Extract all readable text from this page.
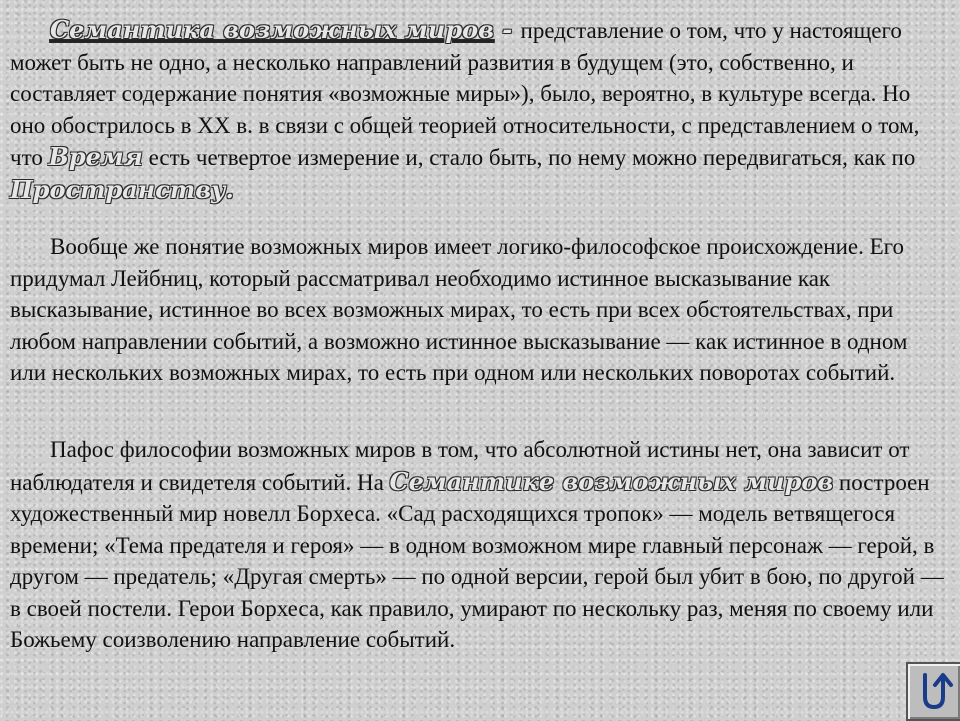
Семантика возможных миров - представление о том, что у настоящего может быть не одно, а несколько направлений развития в будущем (это, собственно, и составляет содержание понятия «возможные миры»), было, вероятно, в культуре всегда. Но оно обострилось в XX в. в связи с общей теорией относительности, с представлением о том, что Время есть четвертое измерение и, стало быть, по нему можно передвигаться, как по Пространству.

Вообще же понятие возможных миров имеет логико-философское происхождение. Его придумал Лейбниц, который рассматривал необходимо истинное высказывание как высказывание, истинное во всех возможных мирах, то есть при всех обстоятельствах, при любом направлении событий, а возможно истинное высказывание — как истинное в одном или нескольких возможных мирах, то есть при одном или нескольких поворотах событий.

Пафос философии возможных миров в том, что абсолютной истины нет, она зависит от наблюдателя и свидетеля событий. На Семантике возможных миров построен художественный мир новелл Борхеса. «Сад расходящихся тропок» — модель ветвящегося времени; «Тема предателя и героя» — в одном возможном мире главный персонаж — герой, в другом — предатель; «Другая смерть» — по одной версии, герой был убит в бою, по другой — в своей постели. Герои Борхеса, как правило, умирают по нескольку раз, меняя по своему или Божьему соизволению направление событий.
